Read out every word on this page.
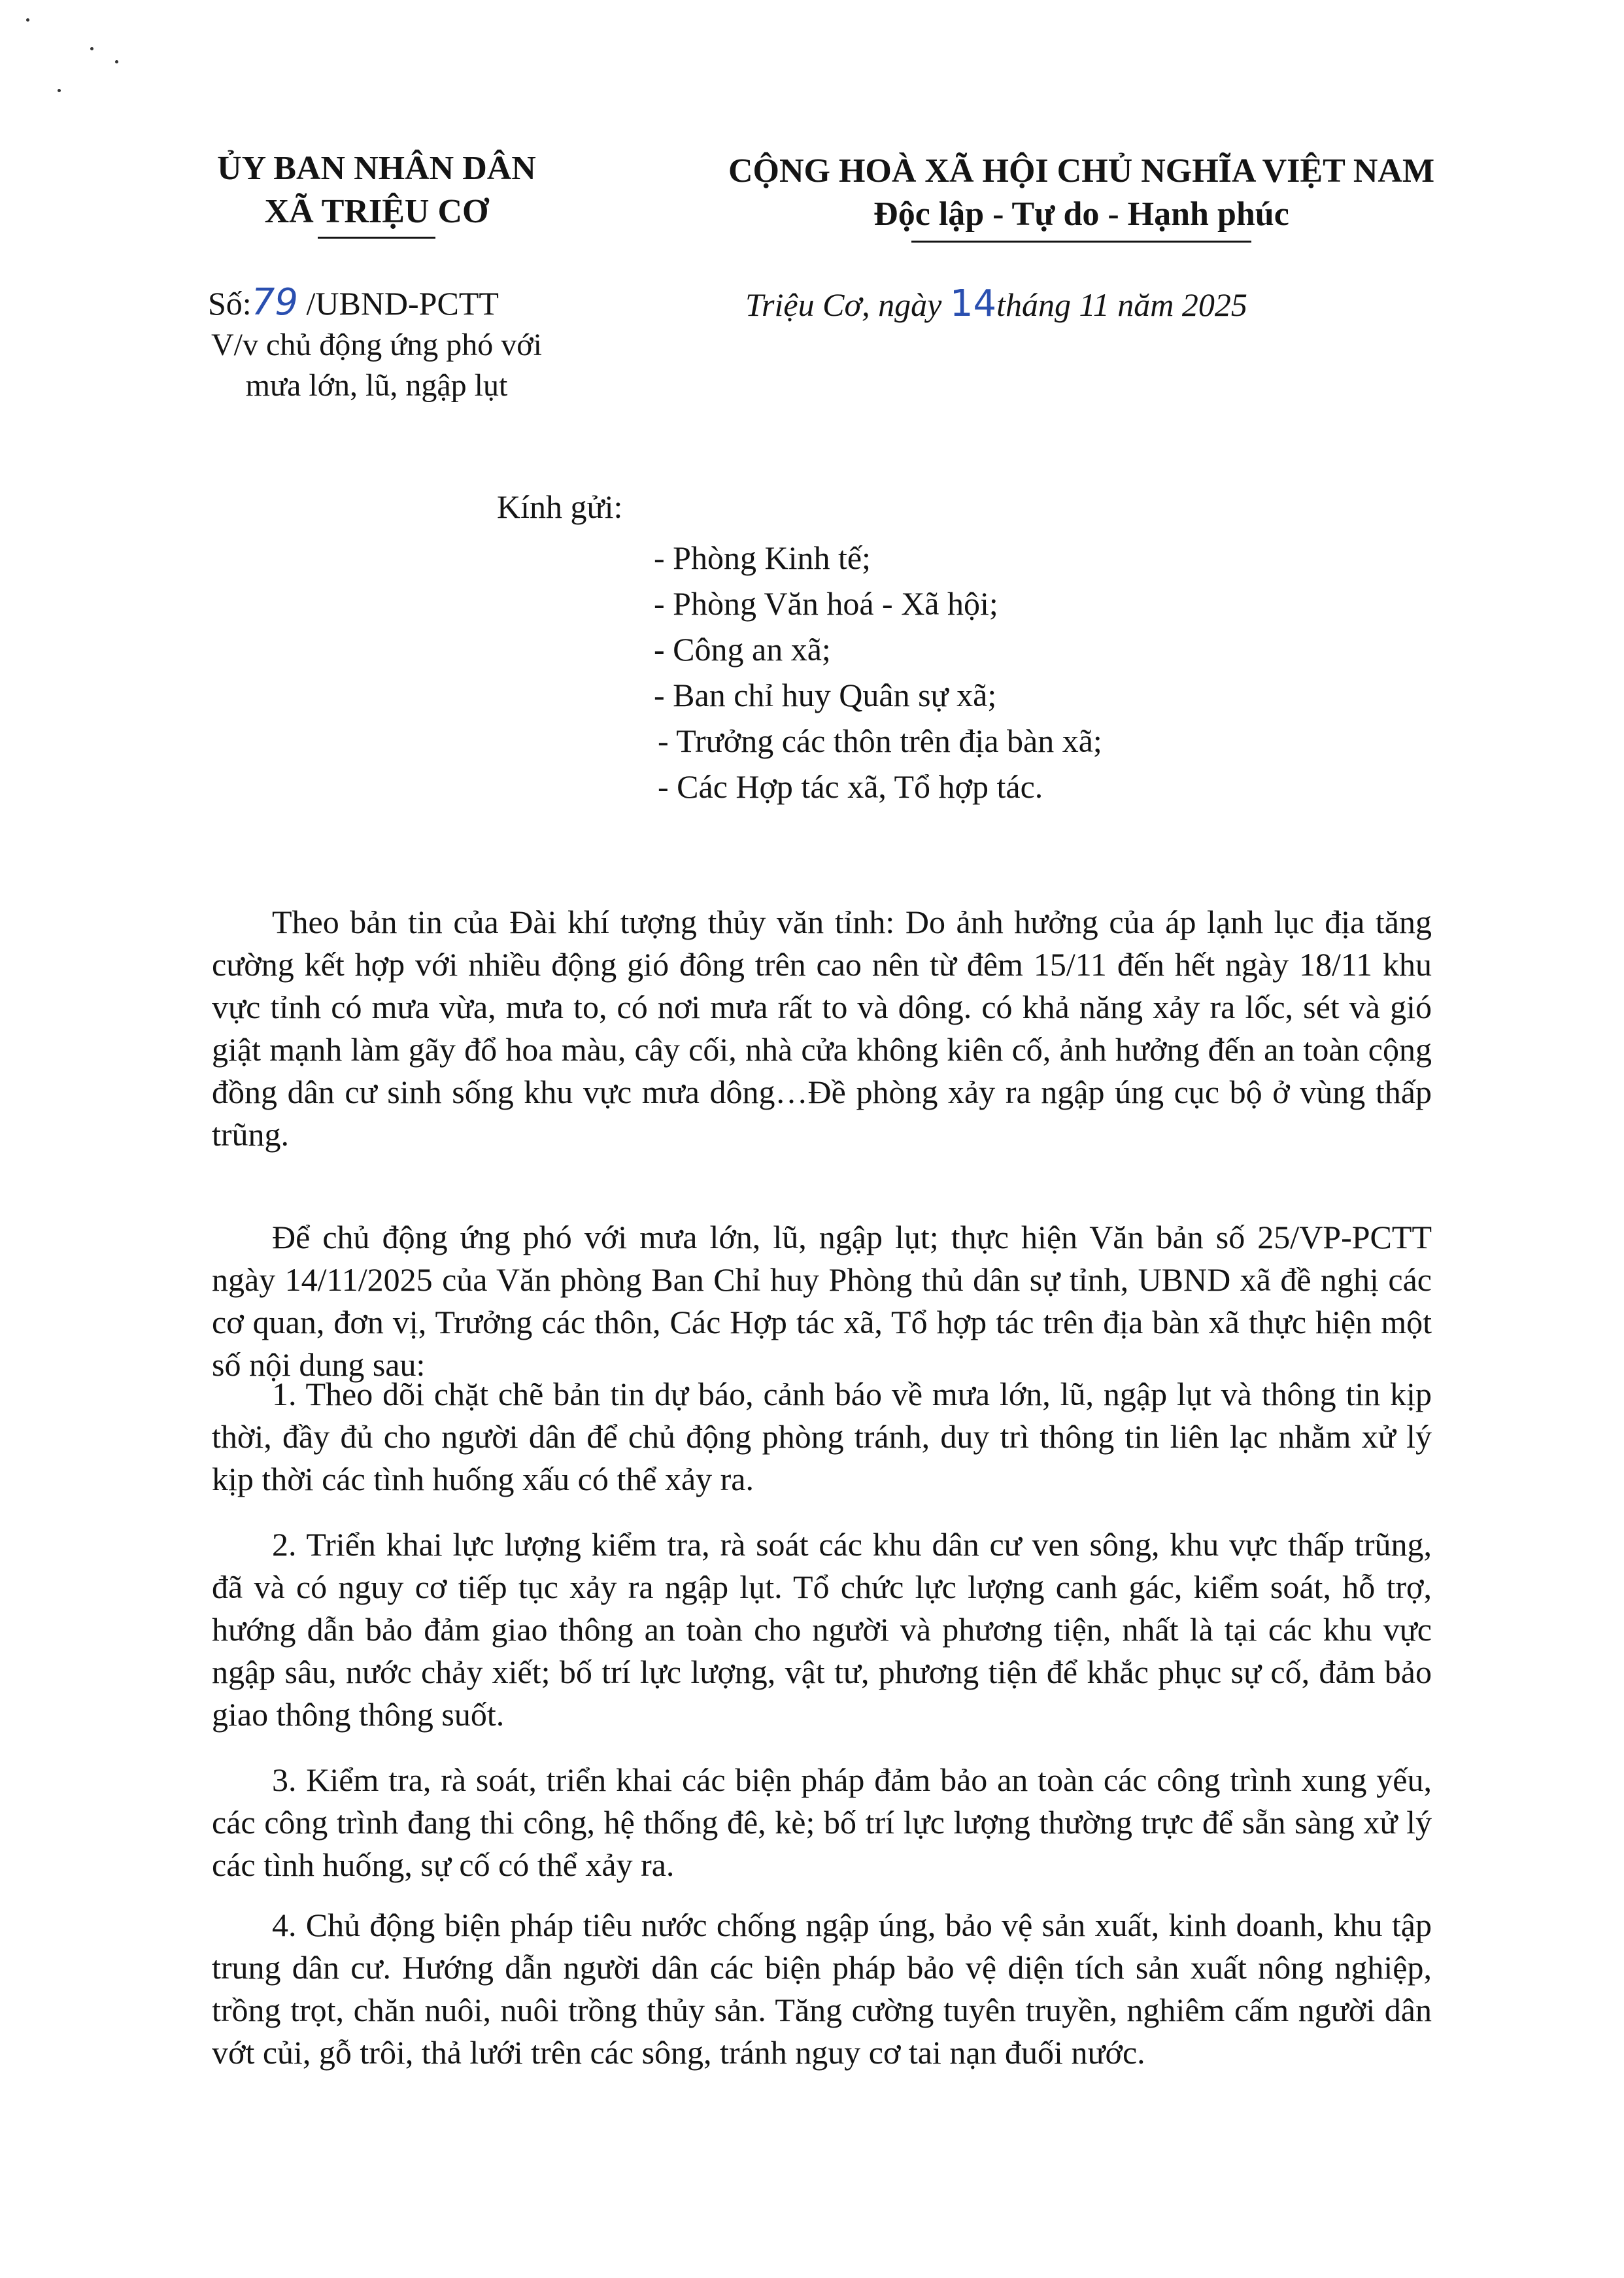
ỦY BAN NHÂN DÂN
XÃ TRIỆU CƠ
Số:79 /UBND-PCTT
V/v chủ động ứng phó với
mưa lớn, lũ, ngập lụt
CỘNG HOÀ XÃ HỘI CHỦ NGHĨA VIỆT NAM
Độc lập - Tự do - Hạnh phúc
Triệu Cơ, ngày 14tháng 11 năm 2025
Kính gửi:
- Phòng Kinh tế;
- Phòng Văn hoá - Xã hội;
- Công an xã;
- Ban chỉ huy Quân sự xã;
- Trưởng các thôn trên địa bàn xã;
- Các Hợp tác xã, Tổ hợp tác.
Theo bản tin của Đài khí tượng thủy văn tỉnh: Do ảnh hưởng của áp lạnh lục địa tăng cường kết hợp với nhiều động gió đông trên cao nên từ đêm 15/11 đến hết ngày 18/11 khu vực tỉnh có mưa vừa, mưa to, có nơi mưa rất to và dông. có khả năng xảy ra lốc, sét và gió giật mạnh làm gãy đổ hoa màu, cây cối, nhà cửa không kiên cố, ảnh hưởng đến an toàn cộng đồng dân cư sinh sống khu vực mưa dông…Đề phòng xảy ra ngập úng cục bộ ở vùng thấp trũng.
Để chủ động ứng phó với mưa lớn, lũ, ngập lụt; thực hiện Văn bản số 25/VP-PCTT ngày 14/11/2025 của Văn phòng Ban Chỉ huy Phòng thủ dân sự tỉnh, UBND xã đề nghị các cơ quan, đơn vị, Trưởng các thôn, Các Hợp tác xã, Tổ hợp tác trên địa bàn xã thực hiện một số nội dung sau:
1. Theo dõi chặt chẽ bản tin dự báo, cảnh báo về mưa lớn, lũ, ngập lụt và thông tin kịp thời, đầy đủ cho người dân để chủ động phòng tránh, duy trì thông tin liên lạc nhằm xử lý kịp thời các tình huống xấu có thể xảy ra.
2. Triển khai lực lượng kiểm tra, rà soát các khu dân cư ven sông, khu vực thấp trũng, đã và có nguy cơ tiếp tục xảy ra ngập lụt. Tổ chức lực lượng canh gác, kiểm soát, hỗ trợ, hướng dẫn bảo đảm giao thông an toàn cho người và phương tiện, nhất là tại các khu vực ngập sâu, nước chảy xiết; bố trí lực lượng, vật tư, phương tiện để khắc phục sự cố, đảm bảo giao thông thông suốt.
3. Kiểm tra, rà soát, triển khai các biện pháp đảm bảo an toàn các công trình xung yếu, các công trình đang thi công, hệ thống đê, kè; bố trí lực lượng thường trực để sẵn sàng xử lý các tình huống, sự cố có thể xảy ra.
4. Chủ động biện pháp tiêu nước chống ngập úng, bảo vệ sản xuất, kinh doanh, khu tập trung dân cư. Hướng dẫn người dân các biện pháp bảo vệ diện tích sản xuất nông nghiệp, trồng trọt, chăn nuôi, nuôi trồng thủy sản. Tăng cường tuyên truyền, nghiêm cấm người dân vớt củi, gỗ trôi, thả lưới trên các sông, tránh nguy cơ tai nạn đuối nước.
